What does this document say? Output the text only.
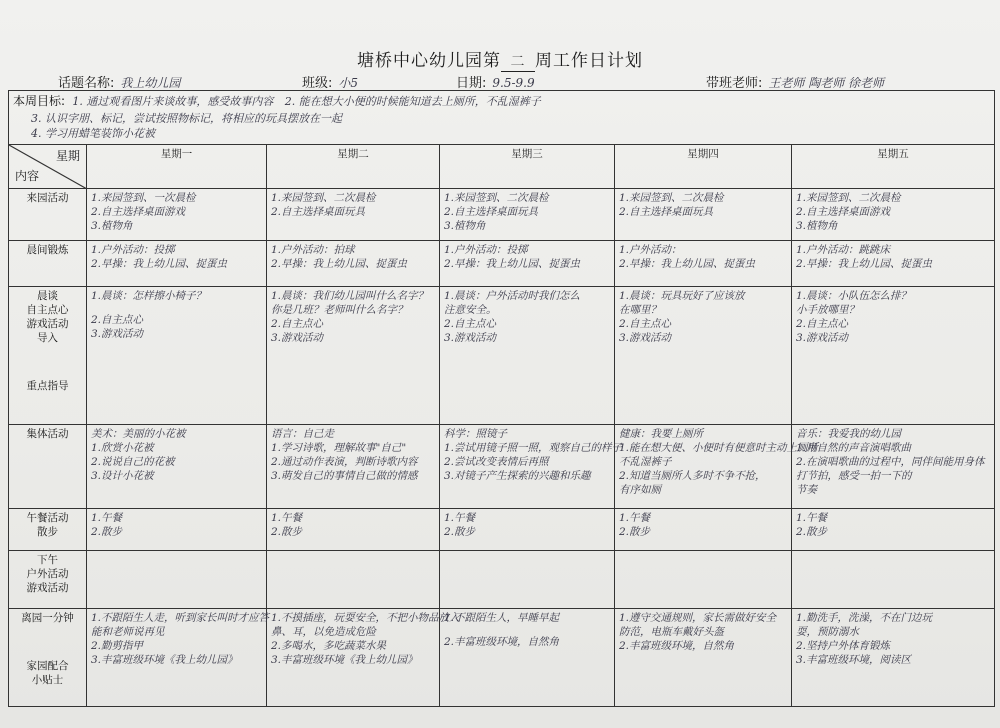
塘桥中心幼儿园第 二 周工作日计划
话题名称: 我上幼儿园	班级: 小5	日期: 9.5-9.9	带班老师: 王老师 陶老师 徐老师
本周目标: 1. 通过观看图片来谈故事，感受故事内容 2. 能在想大小便的时候能知道去上厕所，不乱湿裤子
3. 认识字朋、标记，尝试按照物标记，将相应的玩具摆放在一起
4. 学习用蜡笔装饰小花被					

星期
内容	星期一	星期二	星期三	星期四	星期五
来园活动	1.来园签到、一次晨检
2.自主选择桌面游戏
3.植物角	1.来园签到、二次晨检
2.自主选择桌面玩具	1.来园签到、二次晨检
2.自主选择桌面玩具
3.植物角	1.来园签到、二次晨检
2.自主选择桌面玩具	1.来园签到、二次晨检
2.自主选择桌面游戏
3.植物角

晨间锻炼	1.户外活动：投掷
2.早操：我上幼儿园、捉蛋虫	1.户外活动：拍球
2.早操：我上幼儿园、捉蛋虫	1.户外活动：投掷
2.早操：我上幼儿园、捉蛋虫	1.户外活动：
2.早操：我上幼儿园、捉蛋虫	1.户外活动：跳跳床
2.早操：我上幼儿园、捉蛋虫

晨谈
自主点心
游戏活动
导入
重点指导	1.晨谈：怎样擦小椅子？
2.自主点心
3.游戏活动	1.晨谈：我们幼儿园叫什么名字？
你是几班？老师叫什么名字？
2.自主点心
3.游戏活动	1.晨谈：户外活动时我们怎么
注意安全。
2.自主点心
3.游戏活动	1.晨谈：玩具玩好了应该放
在哪里？
2.自主点心
3.游戏活动	1.晨谈：小队伍怎么排？
小手放哪里？
2.自主点心
3.游戏活动

集体活动	美术：美丽的小花被
1.欣赏小花被
2.说说自己的花被
3.设计小花被	语言：自己走
1.学习诗歌，理解故事"自己"
2.通过动作表演，判断诗歌内容
3.萌发自己的事情自己做的情感	科学：照镜子
1.尝试用镜子照一照，观察自己的样子
2.尝试改变表情后再照
3.对镜子产生探索的兴趣和乐趣	健康：我要上厕所
1.能在想大便、小便时有便意时主动上厕所
不乱湿裤子
2.知道当厕所人多时不争不抢，
有序如厕	音乐：我爱我的幼儿园
1.用自然的声音演唱歌曲
2.在演唱歌曲的过程中，同伴间能用身体
打节拍，感受一拍一下的
节奏

午餐活动
散步	1.午餐
2.散步	1.午餐
2.散步	1.午餐
2.散步	1.午餐
2.散步	1.午餐
2.散步

下午
户外活动
游戏活动					

离园一分钟
家园配合
小贴士	1.不跟陌生人走，听到家长叫时才应答
能和老师说再见
2.勤剪指甲
3.丰富班级环境《我上幼儿园》	1.不摸插座，玩耍安全，不把小物品放入
鼻、耳，以免造成危险
2.多喝水，多吃蔬菜水果
3.丰富班级环境《我上幼儿园》	1.不跟陌生人，早睡早起
2.丰富班级环境，自然角	1.遵守交通规则，家长需做好安全
防范，电瓶车戴好头盔
2.丰富班级环境，自然角	1.勤洗手，洗澡，不在门边玩
耍，预防溺水
2.坚持户外体育锻炼
3.丰富班级环境，阅读区
